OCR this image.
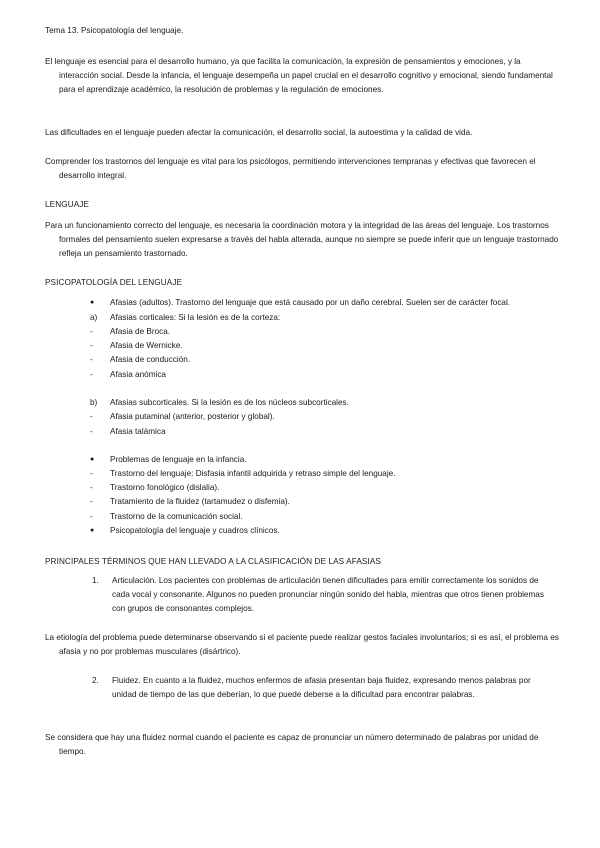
Tema 13. Psicopatología del lenguaje.
El lenguaje es esencial para el desarrollo humano, ya que facilita la comunicación, la expresión de pensamientos y emociones, y la interacción social. Desde la infancia, el lenguaje desempeña un papel crucial en el desarrollo cognitivo y emocional, siendo fundamental para el aprendizaje académico, la resolución de problemas y la regulación de emociones.
Las dificultades en el lenguaje pueden afectar la comunicación, el desarrollo social, la autoestima y la calidad de vida.
Comprender los trastornos del lenguaje es vital para los psicólogos, permitiendo intervenciones tempranas y efectivas que favorecen el desarrollo integral.
LENGUAJE
Para un funcionamiento correcto del lenguaje, es necesaria la coordinación motora y la integridad de las áreas del lenguaje. Los trastornos formales del pensamiento suelen expresarse a través del habla alterada, aunque no siempre se puede inferir que un lenguaje trastornado refleja un pensamiento trastornado.
PSICOPATOLOGÍA DEL LENGUAJE
●	Afasias (adultos). Trastorno del lenguaje que está causado por un daño cerebral. Suelen ser de carácter focal.
a)	Afasias corticales: Si la lesión es de la corteza:
-	Afasia de Broca.
-	Afasia de Wernicke.
-	Afasia de conducción.
-	Afasia anómica
b)	Afasias subcorticales. Si la lesión es de los núcleos subcorticales.
-	Afasia putaminal (anterior, posterior y global).
-	Afasia talámica
●	Problemas de lenguaje en la infancia.
-	Trastorno del lenguaje: Disfasia infantil adquirida y retraso simple del lenguaje.
-	Trastorno fonológico (dislalia).
-	Tratamiento de la fluidez (tartamudez o disfemia).
-	Trastorno de la comunicación social.
●	Psicopatología del lenguaje y cuadros clínicos.
PRINCIPALES TÉRMINOS QUE HAN LLEVADO A LA CLASIFICACIÓN DE LAS AFASIAS
1. Articulación. Los pacientes con problemas de articulación tienen dificultades para emitir correctamente los sonidos de cada vocal y consonante. Algunos no pueden pronunciar ningún sonido del habla, mientras que otros tienen problemas con grupos de consonantes complejos.
La etiología del problema puede determinarse observando si el paciente puede realizar gestos faciales involuntarios; si es así, el problema es afasia y no por problemas musculares (disártrico).
2. Fluidez. En cuanto a la fluidez, muchos enfermos de afasia presentan baja fluidez, expresando menos palabras por unidad de tiempo de las que deberían, lo que puede deberse a la dificultad para encontrar palabras.
Se considera que hay una fluidez normal cuando el paciente es capaz de pronunciar un número determinado de palabras por unidad de tiempo.
